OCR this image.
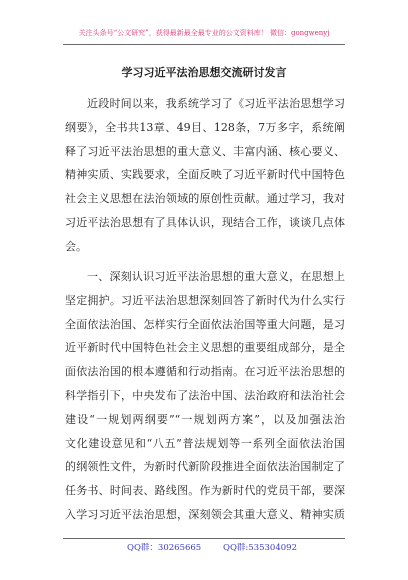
关注头条号“公文研究”，获得最新最全最专业的公文资料库！ 微信：gongwenyj
学习习近平法治思想交流研讨发言
近段时间以来，我系统学习了《习近平法治思想学习
纲要》，全书共13章、49目、128条，7万多字，系统阐
释了习近平法治思想的重大意义、丰富内涵、核心要义、
精神实质、实践要求，全面反映了习近平新时代中国特色
社会主义思想在法治领域的原创性贡献。通过学习，我对
习近平法治思想有了具体认识，现结合工作，谈谈几点体
会。
一、深刻认识习近平法治思想的重大意义，在思想上
坚定拥护。习近平法治思想深刻回答了新时代为什么实行
全面依法治国、怎样实行全面依法治国等重大问题，是习
近平新时代中国特色社会主义思想的重要组成部分，是全
面依法治国的根本遵循和行动指南。在习近平法治思想的
科学指引下，中央发布了法治中国、法治政府和法治社会
建设“一规划两纲要”“一规划两方案”，以及加强法治
文化建设意见和“八五”普法规划等一系列全面依法治国
的纲领性文件，为新时代新阶段推进全面依法治国制定了
任务书、时间表、路线图。作为新时代的党员干部，要深
入学习习近平法治思想，深刻领会其重大意义、精神实质
QQ群：30265665	QQ群:535304092
